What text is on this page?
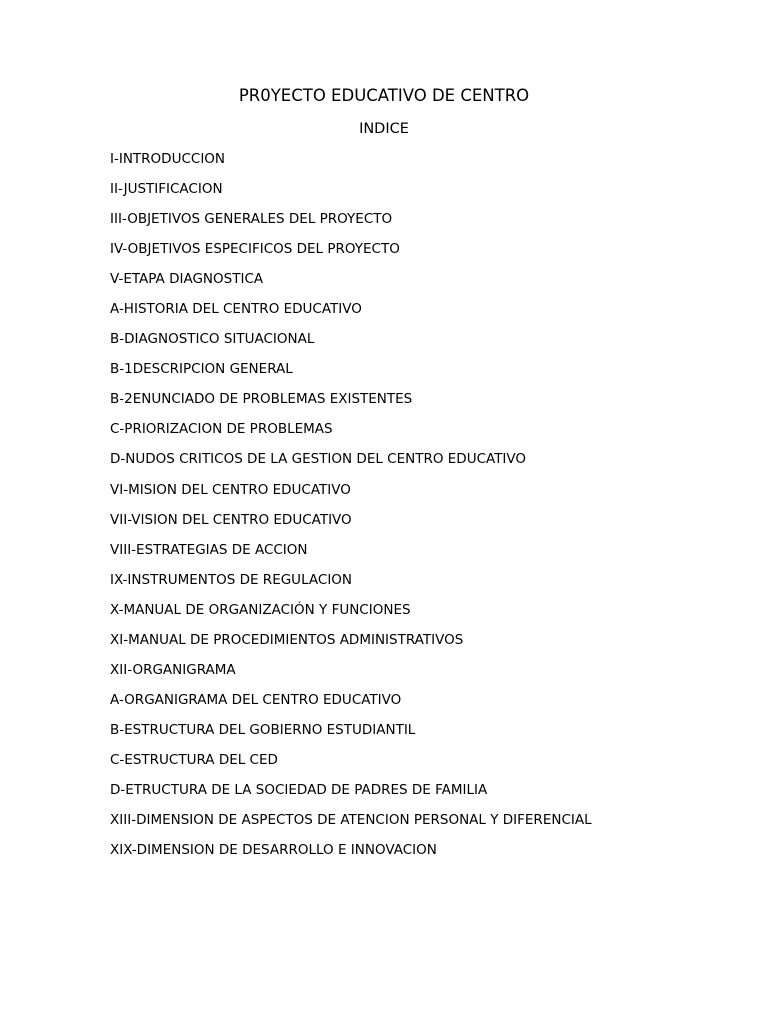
PR0YECTO EDUCATIVO DE CENTRO
INDICE
I-INTRODUCCION
II-JUSTIFICACION
III-OBJETIVOS GENERALES DEL PROYECTO
IV-OBJETIVOS ESPECIFICOS DEL PROYECTO
V-ETAPA DIAGNOSTICA
A-HISTORIA DEL CENTRO EDUCATIVO
B-DIAGNOSTICO SITUACIONAL
B-1DESCRIPCION GENERAL
B-2ENUNCIADO DE PROBLEMAS EXISTENTES
C-PRIORIZACION DE PROBLEMAS
D-NUDOS CRITICOS DE LA GESTION DEL CENTRO EDUCATIVO
VI-MISION DEL CENTRO EDUCATIVO
VII-VISION DEL CENTRO EDUCATIVO
VIII-ESTRATEGIAS DE ACCION
IX-INSTRUMENTOS DE REGULACION
X-MANUAL DE ORGANIZACIÓN Y FUNCIONES
XI-MANUAL DE PROCEDIMIENTOS ADMINISTRATIVOS
XII-ORGANIGRAMA
A-ORGANIGRAMA DEL CENTRO EDUCATIVO
B-ESTRUCTURA DEL GOBIERNO ESTUDIANTIL
C-ESTRUCTURA DEL CED
D-ETRUCTURA DE LA SOCIEDAD DE PADRES DE FAMILIA
XIII-DIMENSION DE ASPECTOS DE ATENCION PERSONAL Y DIFERENCIAL
XIX-DIMENSION DE DESARROLLO E INNOVACION
